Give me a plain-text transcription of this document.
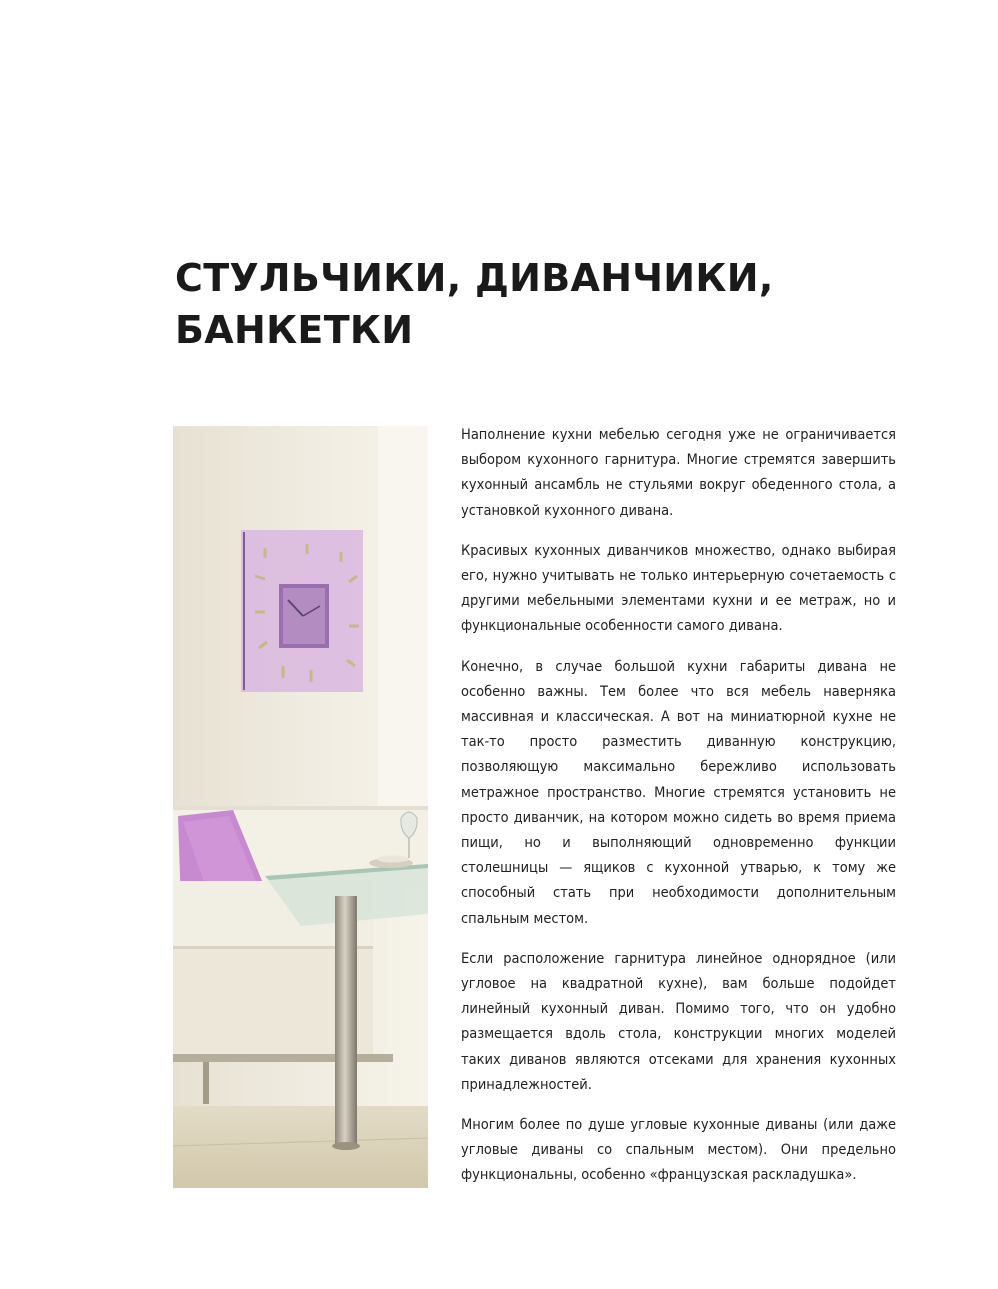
СТУЛЬЧИКИ, ДИВАНЧИКИ,
БАНКЕТКИ

Наполнение кухни мебелью сегодня уже не ограничивается выбором кухонного гарнитура. Многие стремятся завершить кухонный ансамбль не стульями вокруг обеденного стола, а установкой кухонного дивана.

Красивых кухонных диванчиков множество, однако выбирая его, нужно учитывать не только интерьерную сочетаемость с другими мебельными элементами кухни и ее метраж, но и функциональные особенности самого дивана.

Конечно, в случае большой кухни габариты дивана не особенно важны. Тем более что вся мебель наверняка массивная и классическая. А вот на миниатюрной кухне не так-то просто разместить диванную конструкцию, позволяющую максимально бережливо использовать метражное пространство. Многие стремятся установить не просто диванчик, на котором можно сидеть во время приема пищи, но и выполняющий одновременно функции столешницы — ящиков с кухонной утварью, к тому же способный стать при необходимости дополнительным спальным местом.

Если расположение гарнитура линейное однорядное (или угловое на квадратной кухне), вам больше подойдет линейный кухонный диван. Помимо того, что он удобно размещается вдоль стола, конструкции многих моделей таких диванов являются отсеками для хранения кухонных принадлежностей.

Многим более по душе угловые кухонные диваны (или даже угловые диваны со спальным местом). Они предельно функциональны, особенно «французская раскладушка».
